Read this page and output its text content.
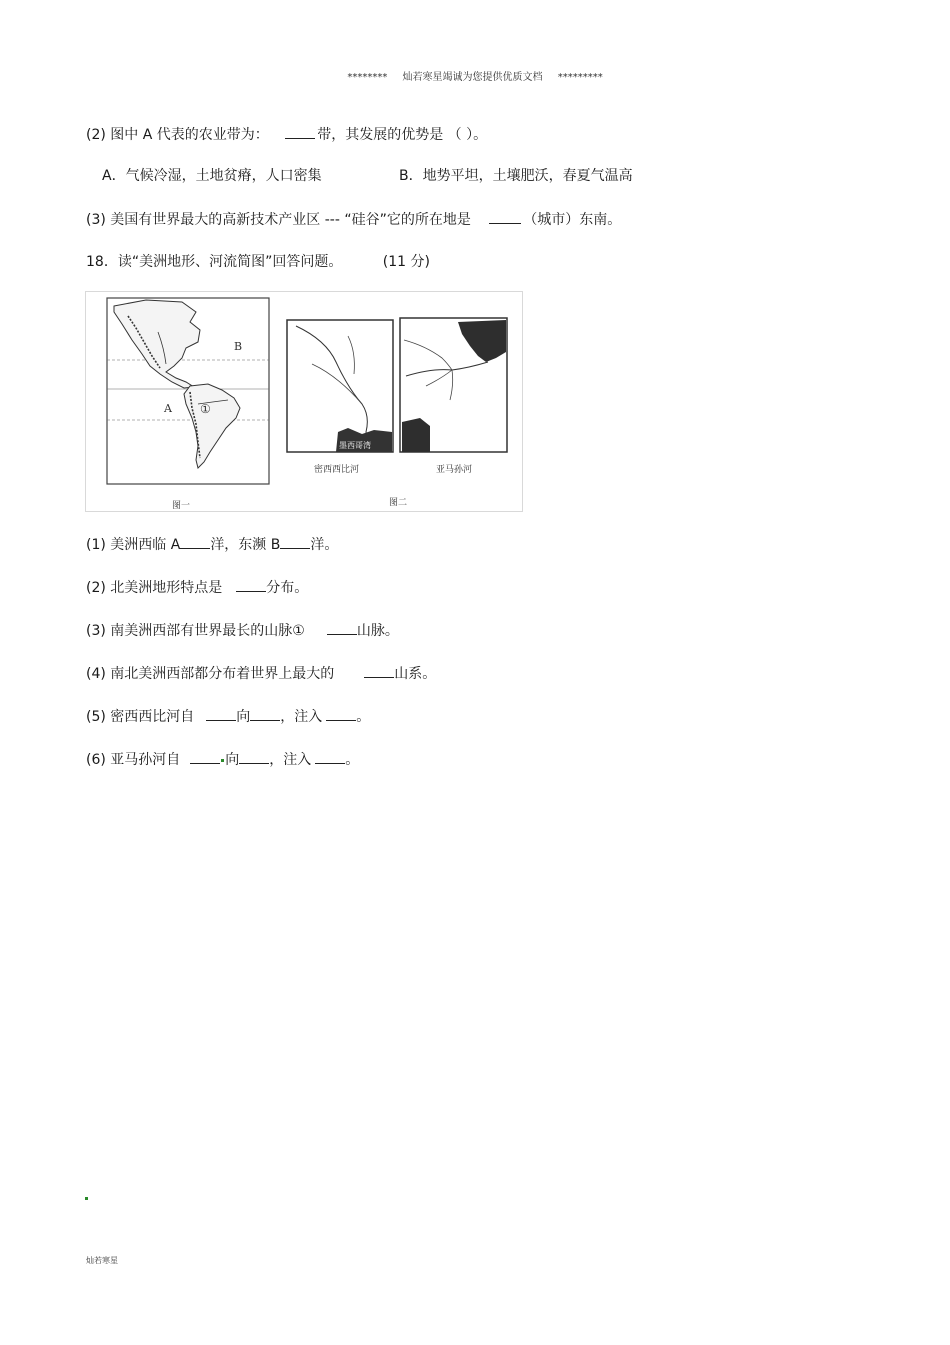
******** 灿若寒星竭诚为您提供优质文档 *********
(2) 图中 A 代表的农业带为：	带，其发展的优势是 （ ）。
A．气候冷湿，土地贫瘠，人口密集	B．地势平坦，土壤肥沃，春夏气温高
(3) 美国有世界最大的高新技术产业区 --- “硅谷”它的所在地是	（城市）东南。
18．读“美洲地形、河流简图”回答问题。	(11 分)
B
A ①
墨西哥湾
密西西比河	亚马孙河
图一	图二
(1) 美洲西临 A 洋，东濒 B 洋。
(2) 北美洲地形特点是	分布。
(3) 南美洲西部有世界最长的山脉①	山脉。
(4) 南北美洲西部都分布着世界上最大的	山系。
(5) 密西西比河自	向 ，注入 。
(6) 亚马孙河自	向 ，注入 。
灿若寒星
